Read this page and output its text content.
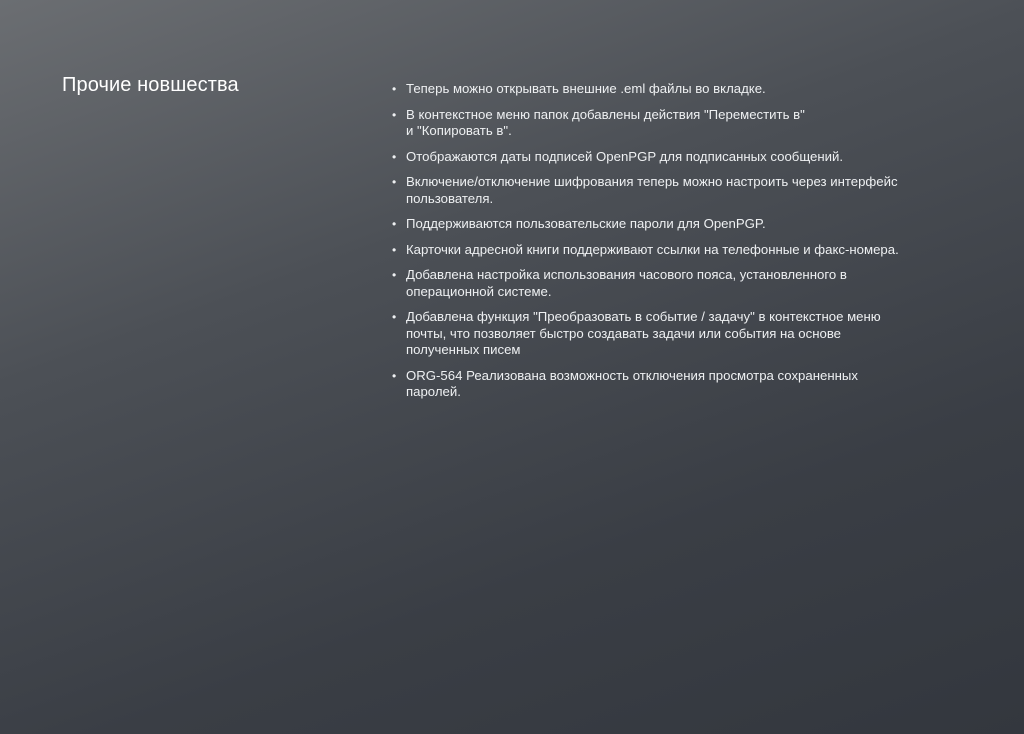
Прочие новшества	• Теперь можно открывать внешние .eml файлы во вкладке.
• В контекстное меню папок добавлены действия "Переместить в"
и "Копировать в".
• Отображаются даты подписей OpenPGP для подписанных сообщений.
• Включение/отключение шифрования теперь можно настроить через интерфейс
пользователя.
• Поддерживаются пользовательские пароли для OpenPGP.
• Карточки адресной книги поддерживают ссылки на телефонные и факс-номера.
• Добавлена настройка использования часового пояса, установленного в
операционной системе.
• Добавлена функция "Преобразовать в событие / задачу" в контекстное меню
почты, что позволяет быстро создавать задачи или события на основе
полученных писем
• ORG-564 Реализована возможность отключения просмотра сохраненных
паролей.
